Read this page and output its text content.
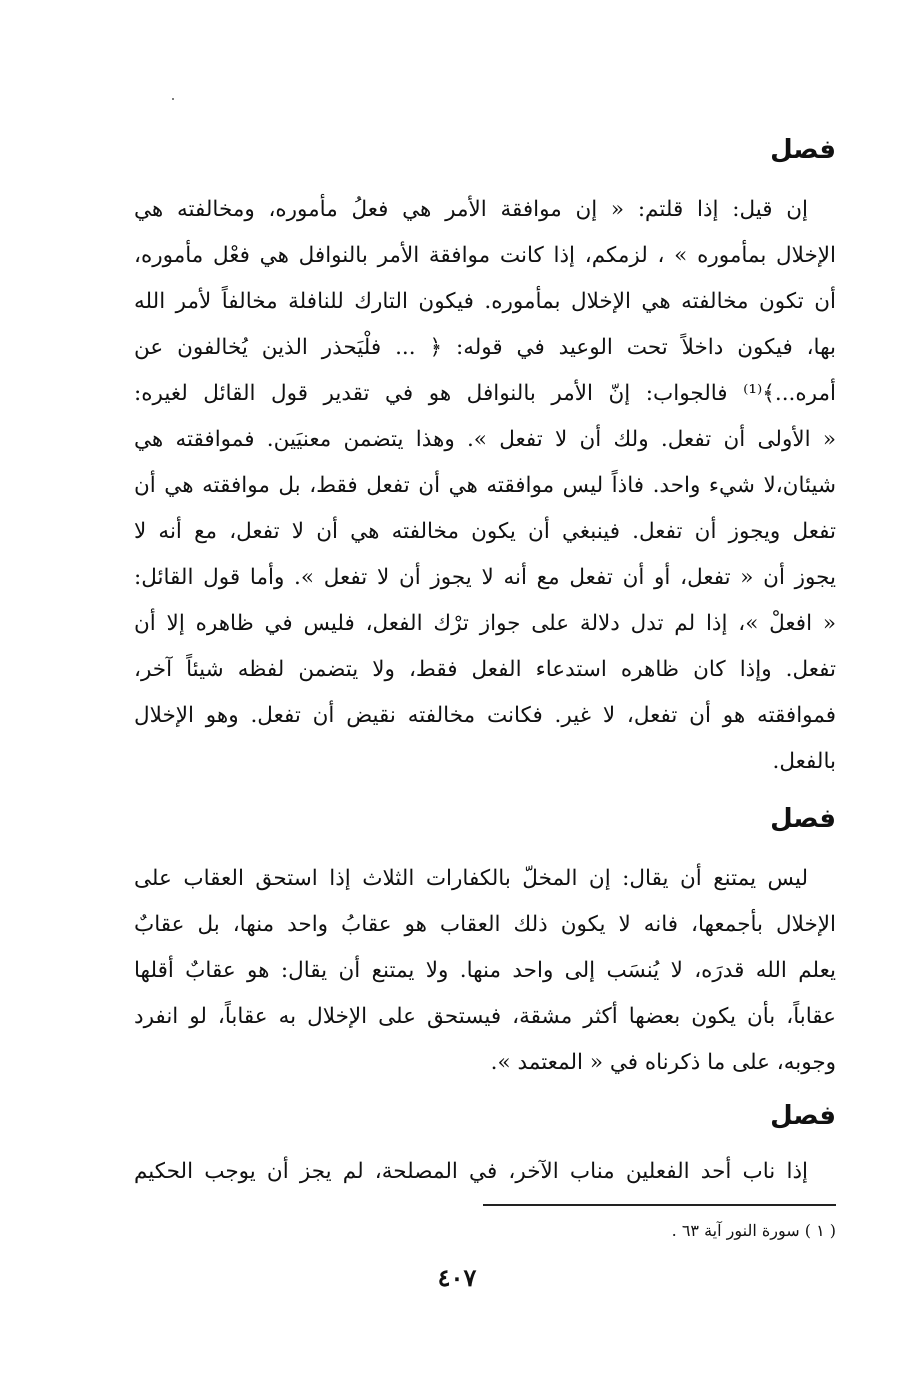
فصل
إن قيل: إذا قلتم: « إن موافقة الأمر هي فعلُ مأموره، ومخالفته هي
الإخلال بمأموره » ، لزمكم، إذا كانت موافقة الأمر بالنوافل هي فعْل مأموره،
أن تكون مخالفته هي الإخلال بمأموره. فيكون التارك للنافلة مخالفاً لأمر الله
بها، فيكون داخلاً تحت الوعيد في قوله: ﴿ ... فلْيَحذر الذين يُخالفون عن
أمره...﴾⁽¹⁾ فالجواب: إنّ الأمر بالنوافل هو في تقدير قول القائل لغيره:
« الأولى أن تفعل. ولك أن لا تفعل ». وهذا يتضمن معنيَين. فموافقته هي
شيئان،لا شيء واحد. فاذاً ليس موافقته هي أن تفعل فقط، بل موافقته هي أن
تفعل ويجوز أن تفعل. فينبغي أن يكون مخالفته هي أن لا تفعل، مع أنه لا
يجوز أن « تفعل، أو أن تفعل مع أنه لا يجوز أن لا تفعل ». وأما قول القائل:
« افعلْ »، إذا لم تدل دلالة على جواز ترْك الفعل، فليس في ظاهره إلا أن
تفعل. وإذا كان ظاهره استدعاء الفعل فقط، ولا يتضمن لفظه شيئاً آخر،
فموافقته هو أن تفعل، لا غير. فكانت مخالفته نقيض أن تفعل. وهو الإخلال
بالفعل.
فصل
ليس يمتنع أن يقال: إن المخلّ بالكفارات الثلاث إذا استحق العقاب على
الإخلال بأجمعها، فانه لا يكون ذلك العقاب هو عقابُ واحد منها، بل عقابٌ
يعلم الله قدرَه، لا يُنسَب إلى واحد منها. ولا يمتنع أن يقال: هو عقابٌ أقلها
عقاباً، بأن يكون بعضها أكثر مشقة، فيستحق على الإخلال به عقاباً، لو انفرد
وجوبه، على ما ذكرناه في « المعتمد ».
فصل
إذا ناب أحد الفعلين مناب الآخر، في المصلحة، لم يجز أن يوجب الحكيم

( ١ ) سورة النور آية ٦٣ .

٤٠٧
